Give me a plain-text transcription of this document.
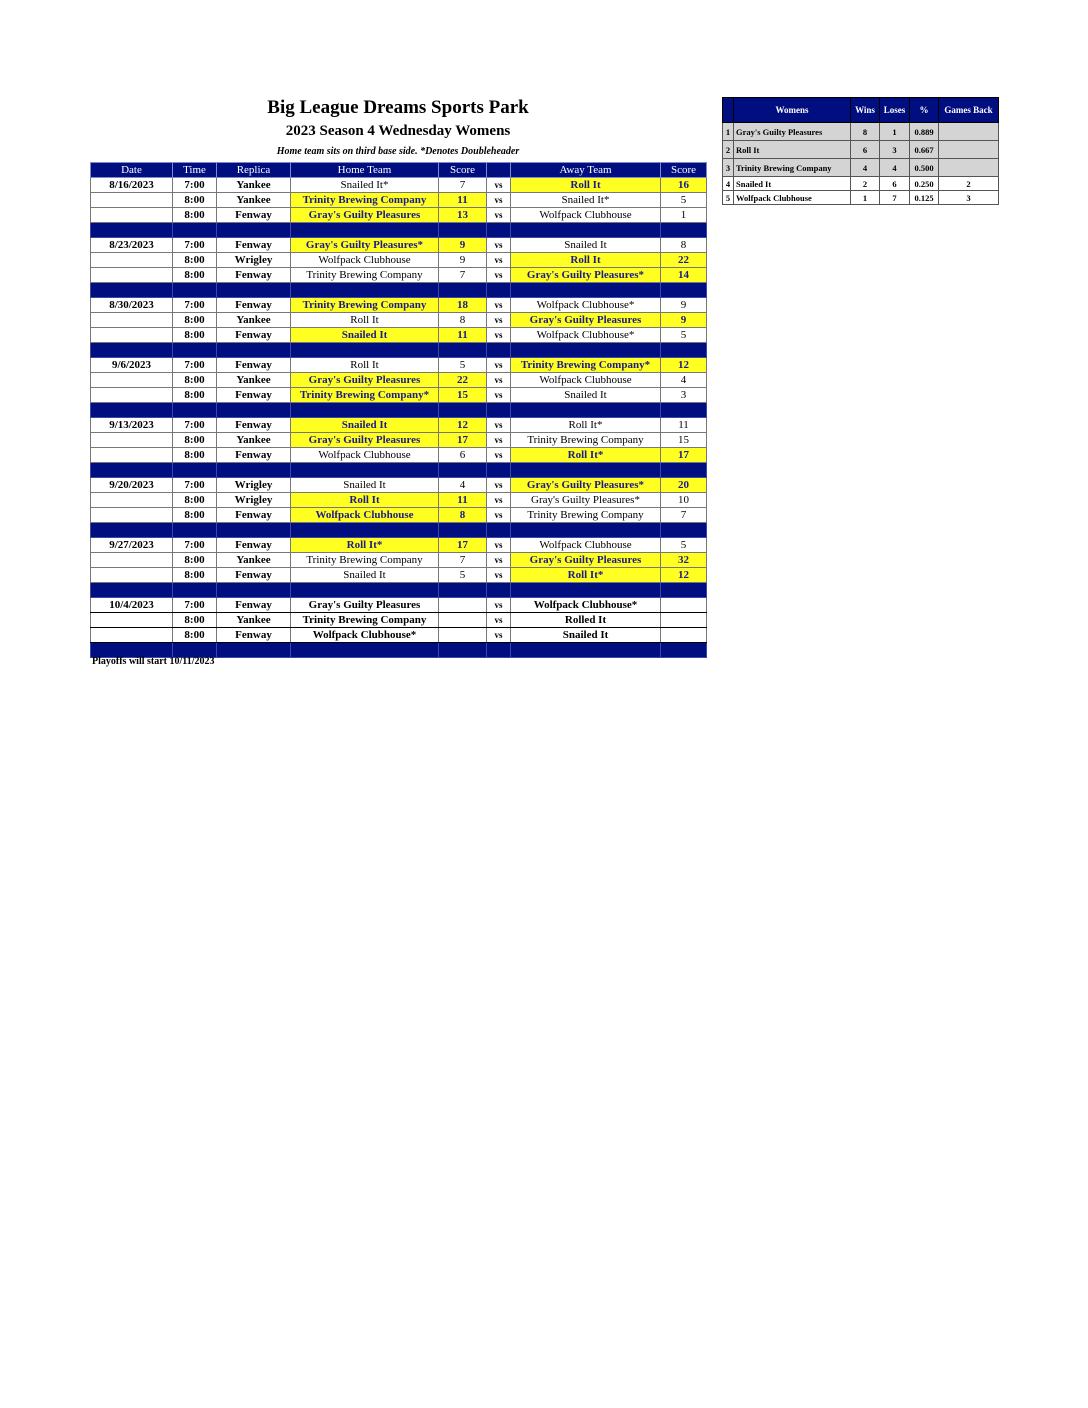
Big League Dreams Sports Park
2023 Season 4 Wednesday Womens
Home team sits on third base side. *Denotes Doubleheader
Date	Time	Replica	Home Team	Score		Away Team	Score
8/16/2023	7:00	Yankee	Snailed It*	7	vs	Roll It	16
	8:00	Yankee	Trinity Brewing Company	11	vs	Snailed It*	5
	8:00	Fenway	Gray's Guilty Pleasures	13	vs	Wolfpack Clubhouse	1

8/23/2023	7:00	Fenway	Gray's Guilty Pleasures*	9	vs	Snailed It	8
	8:00	Wrigley	Wolfpack Clubhouse	9	vs	Roll It	22
	8:00	Fenway	Trinity Brewing Company	7	vs	Gray's Guilty Pleasures*	14

8/30/2023	7:00	Fenway	Trinity Brewing Company	18	vs	Wolfpack Clubhouse*	9
	8:00	Yankee	Roll It	8	vs	Gray's Guilty Pleasures	9
	8:00	Fenway	Snailed It	11	vs	Wolfpack Clubhouse*	5

9/6/2023	7:00	Fenway	Roll It	5	vs	Trinity Brewing Company*	12
	8:00	Yankee	Gray's Guilty Pleasures	22	vs	Wolfpack Clubhouse	4
	8:00	Fenway	Trinity Brewing Company*	15	vs	Snailed It	3

9/13/2023	7:00	Fenway	Snailed It	12	vs	Roll It*	11
	8:00	Yankee	Gray's Guilty Pleasures	17	vs	Trinity Brewing Company	15
	8:00	Fenway	Wolfpack Clubhouse	6	vs	Roll It*	17

9/20/2023	7:00	Wrigley	Snailed It	4	vs	Gray's Guilty Pleasures*	20
	8:00	Wrigley	Roll It	11	vs	Gray's Guilty Pleasures*	10
	8:00	Fenway	Wolfpack Clubhouse	8	vs	Trinity Brewing Company	7

9/27/2023	7:00	Fenway	Roll It*	17	vs	Wolfpack Clubhouse	5
	8:00	Yankee	Trinity Brewing Company	7	vs	Gray's Guilty Pleasures	32
	8:00	Fenway	Snailed It	5	vs	Roll It*	12

10/4/2023	7:00	Fenway	Gray's Guilty Pleasures		vs	Wolfpack Clubhouse*	
	8:00	Yankee	Trinity Brewing Company		vs	Rolled It	
	8:00	Fenway	Wolfpack Clubhouse*		vs	Snailed It	

Playoffs will start 10/11/2023
	Womens	Wins	Loses	%	Games Back
1	Gray's Guilty Pleasures	8	1	0.889	
2	Roll It	6	3	0.667	
3	Trinity Brewing Company	4	4	0.500	
4	Snailed It	2	6	0.250	2
5	Wolfpack Clubhouse	1	7	0.125	3
